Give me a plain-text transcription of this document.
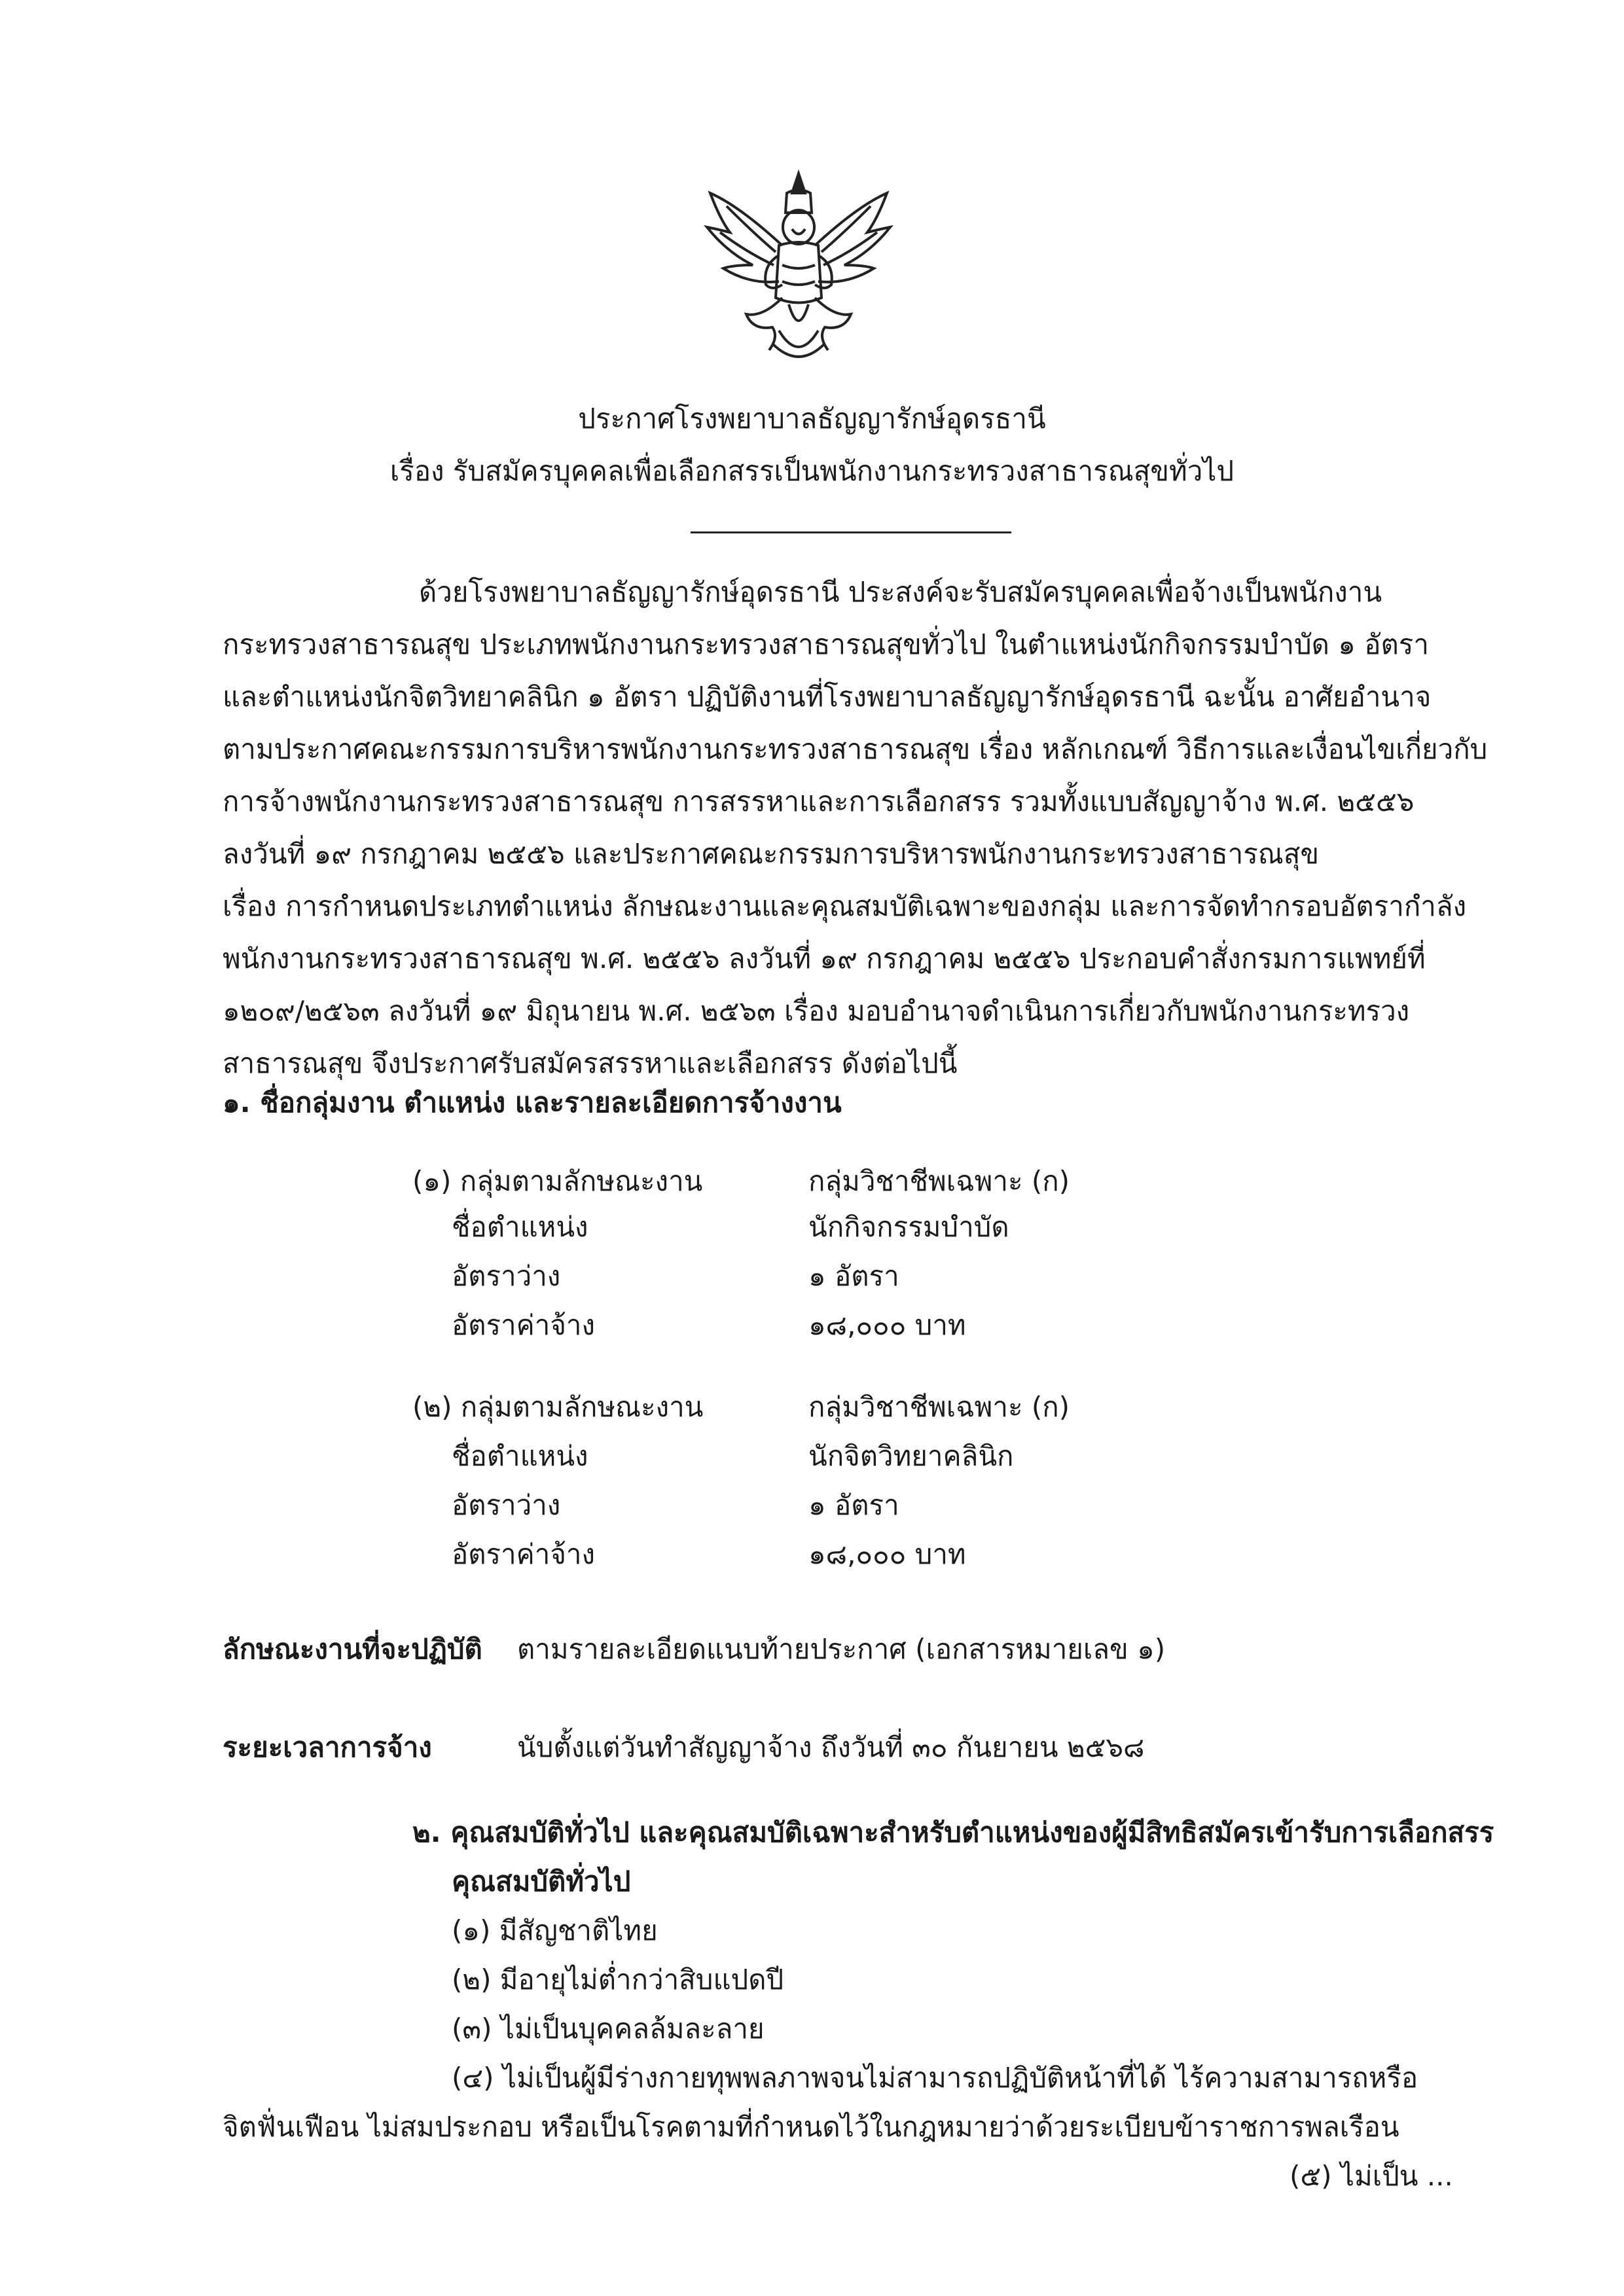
ประกาศโรงพยาบาลธัญญารักษ์อุดรธานี
เรื่อง รับสมัครบุคคลเพื่อเลือกสรรเป็นพนักงานกระทรวงสาธารณสุขทั่วไป
ด้วยโรงพยาบาลธัญญารักษ์อุดรธานี ประสงค์จะรับสมัครบุคคลเพื่อจ้างเป็นพนักงาน
กระทรวงสาธารณสุข ประเภทพนักงานกระทรวงสาธารณสุขทั่วไป ในตำแหน่งนักกิจกรรมบำบัด ๑ อัตรา
และตำแหน่งนักจิตวิทยาคลินิก ๑ อัตรา ปฏิบัติงานที่โรงพยาบาลธัญญารักษ์อุดรธานี ฉะนั้น อาศัยอำนาจ
ตามประกาศคณะกรรมการบริหารพนักงานกระทรวงสาธารณสุข เรื่อง หลักเกณฑ์ วิธีการและเงื่อนไขเกี่ยวกับ
การจ้างพนักงานกระทรวงสาธารณสุข การสรรหาและการเลือกสรร รวมทั้งแบบสัญญาจ้าง พ.ศ. ๒๕๕๖
ลงวันที่ ๑๙ กรกฎาคม ๒๕๕๖ และประกาศคณะกรรมการบริหารพนักงานกระทรวงสาธารณสุข
เรื่อง การกำหนดประเภทตำแหน่ง ลักษณะงานและคุณสมบัติเฉพาะของกลุ่ม และการจัดทำกรอบอัตรากำลัง
พนักงานกระทรวงสาธารณสุข พ.ศ. ๒๕๕๖ ลงวันที่ ๑๙ กรกฎาคม ๒๕๕๖ ประกอบคำสั่งกรมการแพทย์ที่
๑๒๐๙/๒๕๖๓ ลงวันที่ ๑๙ มิถุนายน พ.ศ. ๒๕๖๓ เรื่อง มอบอำนาจดำเนินการเกี่ยวกับพนักงานกระทรวง
สาธารณสุข จึงประกาศรับสมัครสรรหาและเลือกสรร ดังต่อไปนี้
๑. ชื่อกลุ่มงาน ตำแหน่ง และรายละเอียดการจ้างงาน
(๑) กลุ่มตามลักษณะงาน	กลุ่มวิชาชีพเฉพาะ (ก)
ชื่อตำแหน่ง	นักกิจกรรมบำบัด
อัตราว่าง	๑ อัตรา
อัตราค่าจ้าง	๑๘,๐๐๐ บาท
(๒) กลุ่มตามลักษณะงาน	กลุ่มวิชาชีพเฉพาะ (ก)
ชื่อตำแหน่ง	นักจิตวิทยาคลินิก
อัตราว่าง	๑ อัตรา
อัตราค่าจ้าง	๑๘,๐๐๐ บาท
ลักษณะงานที่จะปฏิบัติ ตามรายละเอียดแนบท้ายประกาศ (เอกสารหมายเลข ๑)
ระยะเวลาการจ้าง	นับตั้งแต่วันทำสัญญาจ้าง ถึงวันที่ ๓๐ กันยายน ๒๕๖๘
๒. คุณสมบัติทั่วไป และคุณสมบัติเฉพาะสำหรับตำแหน่งของผู้มีสิทธิสมัครเข้ารับการเลือกสรร
คุณสมบัติทั่วไป
(๑) มีสัญชาติไทย
(๒) มีอายุไม่ต่ำกว่าสิบแปดปี
(๓) ไม่เป็นบุคคลล้มละลาย
(๔) ไม่เป็นผู้มีร่างกายทุพพลภาพจนไม่สามารถปฏิบัติหน้าที่ได้ ไร้ความสามารถหรือ
จิตฟั่นเฟือน ไม่สมประกอบ หรือเป็นโรคตามที่กำหนดไว้ในกฎหมายว่าด้วยระเบียบข้าราชการพลเรือน
(๕) ไม่เป็น ...
